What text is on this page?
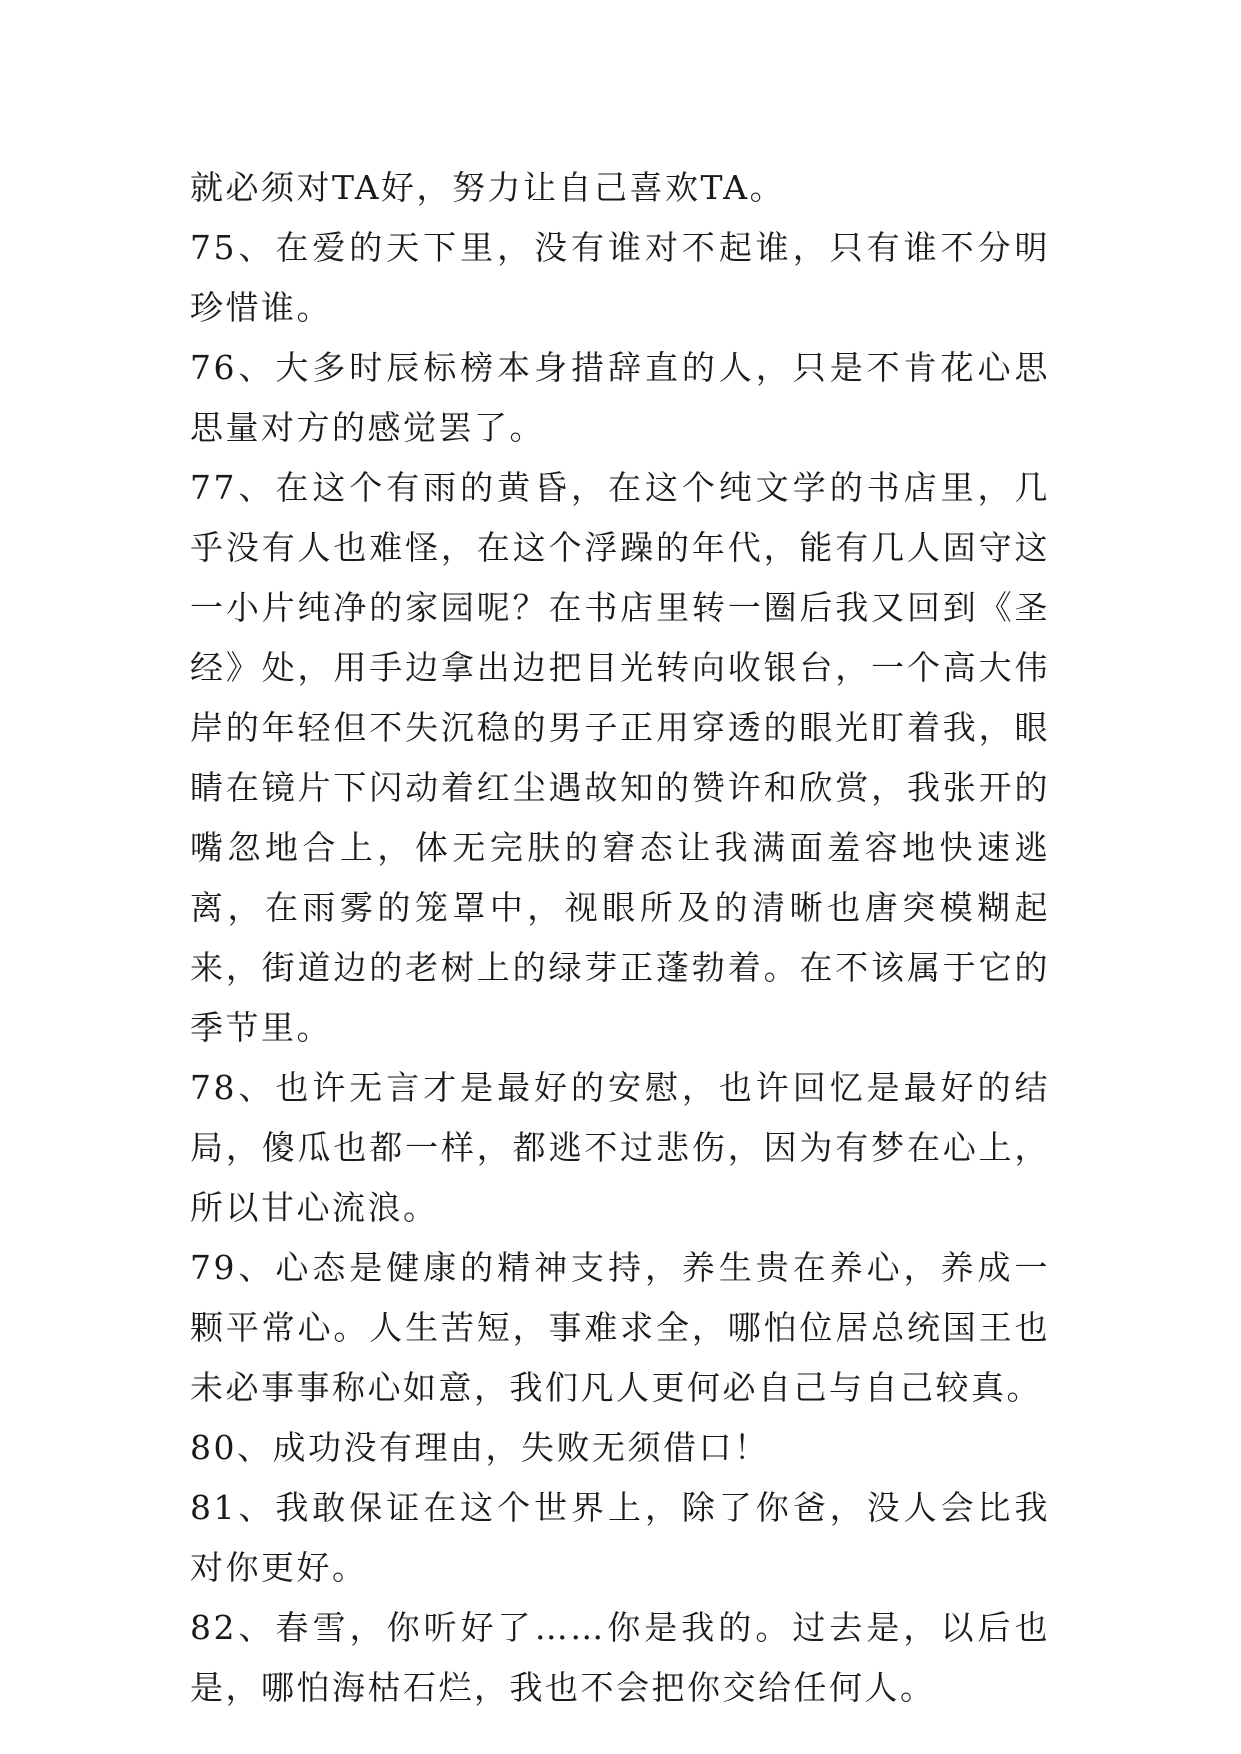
就必须对TA好，努力让自己喜欢TA。

75、在爱的天下里，没有谁对不起谁，只有谁不分明珍惜谁。

76、大多时辰标榜本身措辞直的人，只是不肯花心思思量对方的感觉罢了。

77、在这个有雨的黄昏，在这个纯文学的书店里，几乎没有人也难怪，在这个浮躁的年代，能有几人固守这一小片纯净的家园呢？在书店里转一圈后我又回到《圣经》处，用手边拿出边把目光转向收银台，一个高大伟岸的年轻但不失沉稳的男子正用穿透的眼光盯着我，眼睛在镜片下闪动着红尘遇故知的赞许和欣赏，我张开的嘴忽地合上，体无完肤的窘态让我满面羞容地快速逃离，在雨雾的笼罩中，视眼所及的清晰也唐突模糊起来，街道边的老树上的绿芽正蓬勃着。在不该属于它的季节里。

78、也许无言才是最好的安慰，也许回忆是最好的结局，傻瓜也都一样，都逃不过悲伤，因为有梦在心上，所以甘心流浪。

79、心态是健康的精神支持，养生贵在养心，养成一颗平常心。人生苦短，事难求全，哪怕位居总统国王也未必事事称心如意，我们凡人更何必自己与自己较真。

80、成功没有理由，失败无须借口！

81、我敢保证在这个世界上，除了你爸，没人会比我对你更好。

82、春雪，你听好了……你是我的。过去是，以后也是，哪怕海枯石烂，我也不会把你交给任何人。
